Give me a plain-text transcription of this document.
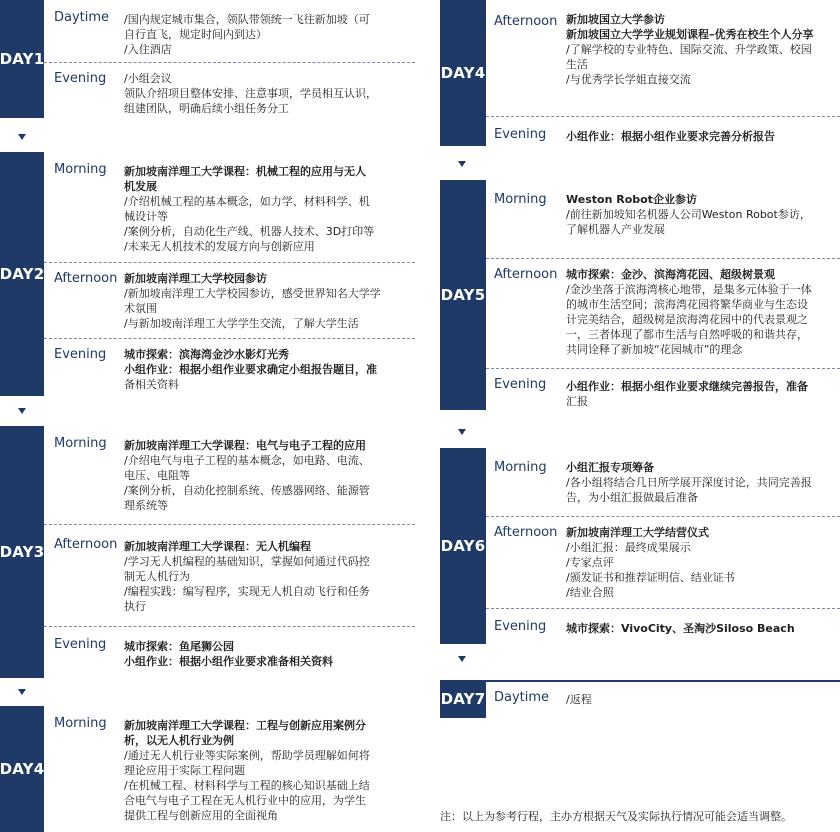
DAY1
Daytime /国内规定城市集合，领队带领统一飞往新加坡（可
自行直飞，规定时间内到达）
/入住酒店
Evening /小组会议
领队介绍项目整体安排、注意事项，学员相互认识，
组建团队，明确后续小组任务分工
DAY2
Morning 新加坡南洋理工大学课程：机械工程的应用与无人
机发展
/介绍机械工程的基本概念，如力学、材料科学、机
械设计等
/案例分析，自动化生产线、机器人技术、3D打印等
/未来无人机技术的发展方向与创新应用
Afternoon 新加坡南洋理工大学校园参访
/新加坡南洋理工大学校园参访，感受世界知名大学学
术氛围
/与新加坡南洋理工大学学生交流，了解大学生活
Evening 城市探索：滨海湾金沙水影灯光秀
小组作业：根据小组作业要求确定小组报告题目，准
备相关资料
DAY3
Morning 新加坡南洋理工大学课程：电气与电子工程的应用
/介绍电气与电子工程的基本概念，如电路、电流、
电压、电阻等
/案例分析，自动化控制系统、传感器网络、能源管
理系统等
Afternoon 新加坡南洋理工大学课程：无人机编程
/学习无人机编程的基础知识，掌握如何通过代码控
制无人机行为
/编程实践：编写程序，实现无人机自动飞行和任务
执行
Evening 城市探索：鱼尾狮公园
小组作业：根据小组作业要求准备相关资料
DAY4
Morning 新加坡南洋理工大学课程：工程与创新应用案例分
析，以无人机行业为例
/通过无人机行业等实际案例，帮助学员理解如何将
理论应用于实际工程问题
/在机械工程、材料科学与工程的核心知识基础上结
合电气与电子工程在无人机行业中的应用，为学生
提供工程与创新应用的全面视角
DAY4
Afternoon 新加坡国立大学参访
新加坡国立大学学业规划课程–优秀在校生个人分享
/了解学校的专业特色、国际交流、升学政策、校园
生活
/与优秀学长学姐直接交流
Evening 小组作业：根据小组作业要求完善分析报告
DAY5
Morning Weston Robot企业参访
/前往新加坡知名机器人公司Weston Robot参访，
了解机器人产业发展
Afternoon 城市探索：金沙、滨海湾花园、超级树景观
/金沙坐落于滨海湾核心地带，是集多元体验于一体
的城市生活空间；滨海湾花园将繁华商业与生态设
计完美结合，超级树是滨海湾花园中的代表景观之
一，三者体现了都市生活与自然呼吸的和谐共存，
共同诠释了新加坡“花园城市”的理念
Evening 小组作业：根据小组作业要求继续完善报告，准备
汇报
DAY6
Morning 小组汇报专项筹备
/各小组将结合几日所学展开深度讨论，共同完善报
告，为小组汇报做最后准备
Afternoon 新加坡南洋理工大学结营仪式
/小组汇报：最终成果展示
/专家点评
/颁发证书和推荐证明信、结业证书
/结业合照
Evening 城市探索：VivoCity、圣淘沙Siloso Beach
DAY7 Daytime /返程
注：以上为参考行程，主办方根据天气及实际执行情况可能会适当调整。
